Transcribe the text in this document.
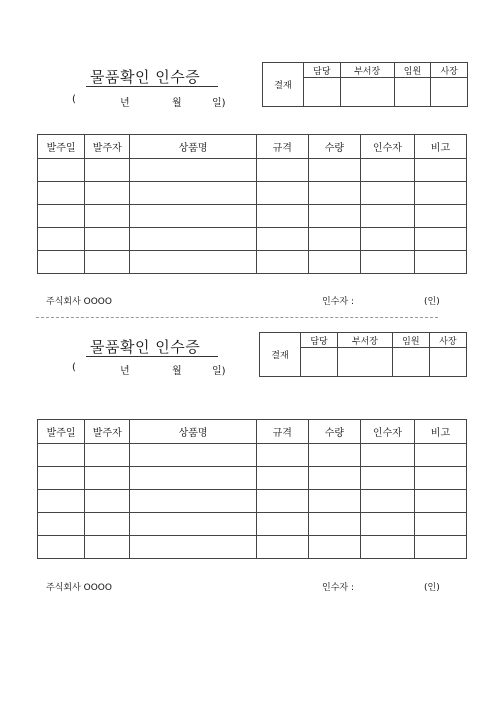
물품확인 인수증
(	년	월	일)
결재	담당	부서장	임원	사장

발주일	발주자	상품명	규격	수량	인수자	비고

주식회사 OOOO	인수자 :	(인)
물품확인 인수증
(	년	월	일)
결재	담당	부서장	임원	사장

발주일	발주자	상품명	규격	수량	인수자	비고

주식회사 OOOO	인수자 :	(인)
